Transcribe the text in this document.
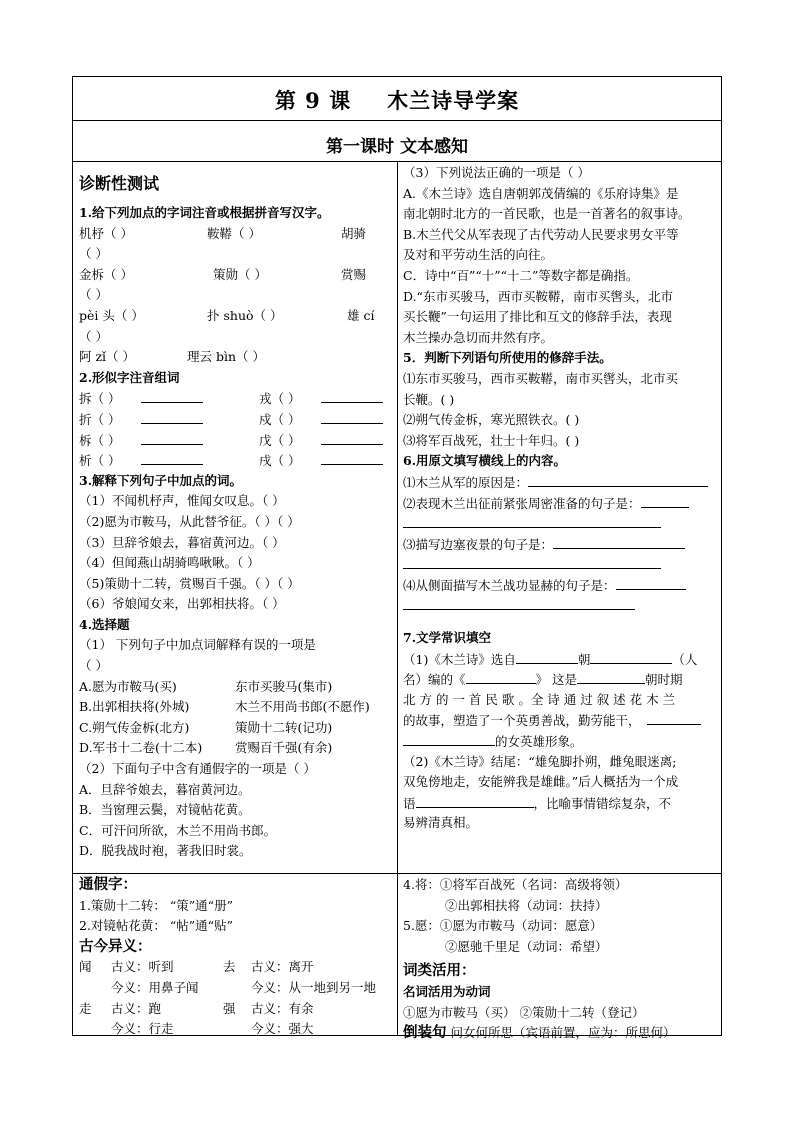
第 9 课 木兰诗导学案
第一课时 文本感知
诊断性测试
1.给下列加点的字词注音或根据拼音写汉字。
机杼（ ）	鞍鞯（ ）	胡骑
（ ）
金柝（ ）	策勋（ ）	赏赐
（ ）
pèi 头（ ）	扑 shuò（ ）	雄 cí
（ ）
阿 zǐ（ ）	理云 bìn（ ）
2.形似字注音组词
拆（ ）	戎（ ）
折（ ）	戍（ ）
柝（ ）	戊（ ）
析（ ）	戌（ ）
3.解释下列句子中加点的词。
（1）不闻机杼声，惟闻女叹息。（ ）
（2)愿为市鞍马，从此替爷征。（ ）（ ）
（3）旦辞爷娘去，暮宿黄河边。（ ）
（4）但闻燕山胡骑鸣啾啾。（ ）
（5)策勋十二转，赏赐百千强。（ ）（ ）
（6）爷娘闻女来，出郭相扶将。（ ）
4.选择题
（1） 下列句子中加点词解释有误的一项是
（ ）
A.愿为市鞍马(买)	东市买骏马(集市)
B.出郭相扶将(外城)	木兰不用尚书郎(不愿作)
C.朔气传金柝(北方)	策勋十二转(记功)
D.军书十二卷(十二本)	赏赐百千强(有余)
（2）下面句子中含有通假字的一项是（ ）
A．旦辞爷娘去，暮宿黄河边。
B．当窗理云鬓，对镜帖花黄。
C．可汗问所欲，木兰不用尚书郎。
D．脱我战时袍，著我旧时裳。
（3）下列说法正确的一项是（ ）
A.《木兰诗》选自唐朝郭茂倩编的《乐府诗集》是
南北朝时北方的一首民歌，也是一首著名的叙事诗。
B.木兰代父从军表现了古代劳动人民要求男女平等
及对和平劳动生活的向往。
C．诗中“百”“十”“十二”等数字都是确指。
D.“东市买骏马，西市买鞍鞯，南市买辔头，北市
买长鞭”一句运用了排比和互文的修辞手法，表现
木兰操办急切而井然有序。
5．判断下列语句所使用的修辞手法。
⑴东市买骏马，西市买鞍鞯，南市买辔头，北市买
长鞭。( )
⑵朔气传金柝，寒光照铁衣。( )
⑶将军百战死，壮士十年归。( )
6.用原文填写横线上的内容。
⑴木兰从军的原因是：
⑵表现木兰出征前紧张周密准备的句子是：
⑶描写边塞夜景的句子是：
⑷从侧面描写木兰战功显赫的句子是：
7.文学常识填空
（1)《木兰诗》选自	朝	（人
名）编的《	》 这是	朝时期
北 方 的 一 首 民 歌 。全 诗 通 过 叙 述 花 木 兰
的故事，塑造了一个英勇善战，勤劳能干，
的女英雄形象。
（2)《木兰诗》结尾：“雄兔脚扑朔，雌兔眼迷离;
双兔傍地走，安能辨我是雄雌。”后人概括为一个成
语	，比喻事情错综复杂，不
易辨清真相。
通假字：
1.策勋十二转： “策”通“册”
2.对镜帖花黄： “帖”通“贴”
古今异义：
闻 古义：听到	去 古义：离开
今义：用鼻子闻	今义：从一地到另一地
走 古义：跑	强 古义：有余
今义：行走	今义：强大
4.将：①将军百战死（名词：高级将领）
②出郭相扶将（动词：扶持）
5.愿：①愿为市鞍马（动词：愿意）
②愿驰千里足（动词：希望）
词类活用：
名词活用为动词
①愿为市鞍马（买） ②策勋十二转（登记）
倒装句 问女何所思（宾语前置，应为：所思何）
